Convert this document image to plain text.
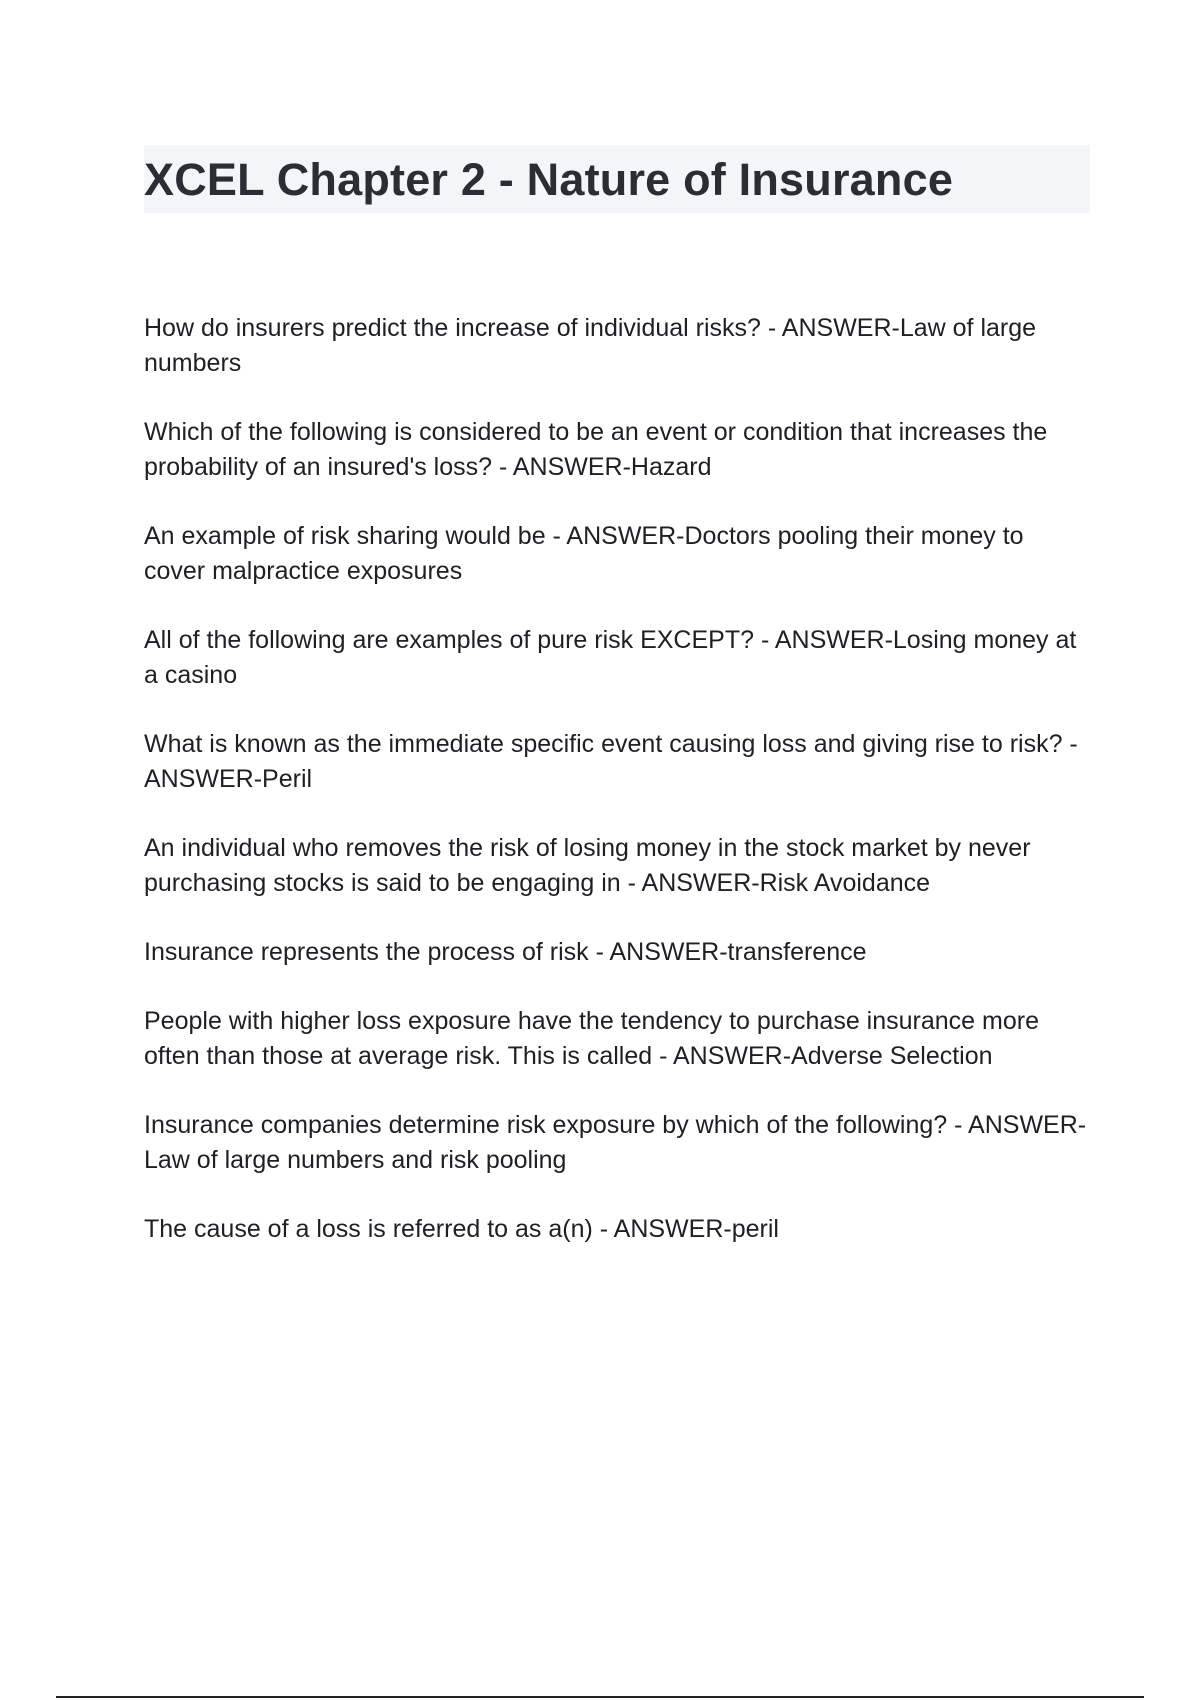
XCEL Chapter 2 - Nature of Insurance
How do insurers predict the increase of individual risks? - ANSWER-Law of large numbers
Which of the following is considered to be an event or condition that increases the probability of an insured's loss? - ANSWER-Hazard
An example of risk sharing would be - ANSWER-Doctors pooling their money to cover malpractice exposures
All of the following are examples of pure risk EXCEPT? - ANSWER-Losing money at a casino
What is known as the immediate specific event causing loss and giving rise to risk? - ANSWER-Peril
An individual who removes the risk of losing money in the stock market by never purchasing stocks is said to be engaging in - ANSWER-Risk Avoidance
Insurance represents the process of risk - ANSWER-transference
People with higher loss exposure have the tendency to purchase insurance more often than those at average risk. This is called - ANSWER-Adverse Selection
Insurance companies determine risk exposure by which of the following? - ANSWER-Law of large numbers and risk pooling
The cause of a loss is referred to as a(n) - ANSWER-peril
